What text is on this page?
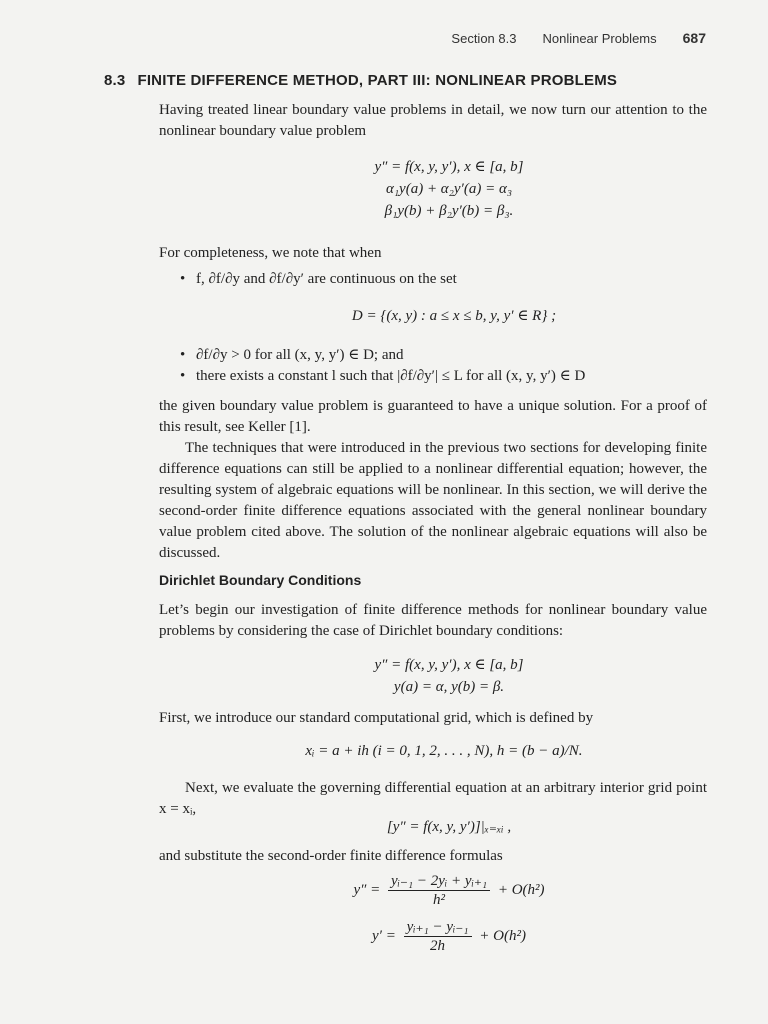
Section 8.3 Nonlinear Problems 687
8.3 FINITE DIFFERENCE METHOD, PART III: NONLINEAR PROBLEMS

Having treated linear boundary value problems in detail, we now turn our attention to the nonlinear boundary value problem

y″ = f(x, y, y′), x ∈ [a, b]
α₁y(a) + α₂y′(a) = α₃
β₁y(b) + β₂y′(b) = β₃.

For completeness, we note that when

• f, ∂f/∂y and ∂f/∂y′ are continuous on the set
D = {(x, y) : a ≤ x ≤ b, y, y′ ∈ R} ;
• ∂f/∂y > 0 for all (x, y, y′) ∈ D; and
• there exists a constant l such that |∂f/∂y′| ≤ L for all (x, y, y′) ∈ D

the given boundary value problem is guaranteed to have a unique solution. For a proof of this result, see Keller [1].

The techniques that were introduced in the previous two sections for developing finite difference equations can still be applied to a nonlinear differential equation; however, the resulting system of algebraic equations will be nonlinear. In this section, we will derive the second-order finite difference equations associated with the general nonlinear boundary value problem cited above. The solution of the nonlinear algebraic equations will also be discussed.

Dirichlet Boundary Conditions

Let’s begin our investigation of finite difference methods for nonlinear boundary value problems by considering the case of Dirichlet boundary conditions:

y″ = f(x, y, y′), x ∈ [a, b]
y(a) = α, y(b) = β.

First, we introduce our standard computational grid, which is defined by

xᵢ = a + ih (i = 0, 1, 2, . . . , N), h = (b − a)/N.

Next, we evaluate the governing differential equation at an arbitrary interior grid point x = xᵢ,

[y″ = f(x, y, y′)]|ₓ₌ₓᵢ ,

and substitute the second-order finite difference formulas

$y'' = \frac{\text{yᵢ₋₁ − 2yᵢ + yᵢ₊₁}}{\text{h²}} + O(h^2)$
$y' = \frac{\text{yᵢ₊₁ − yᵢ₋₁}}{2h} + O(h^2)$
